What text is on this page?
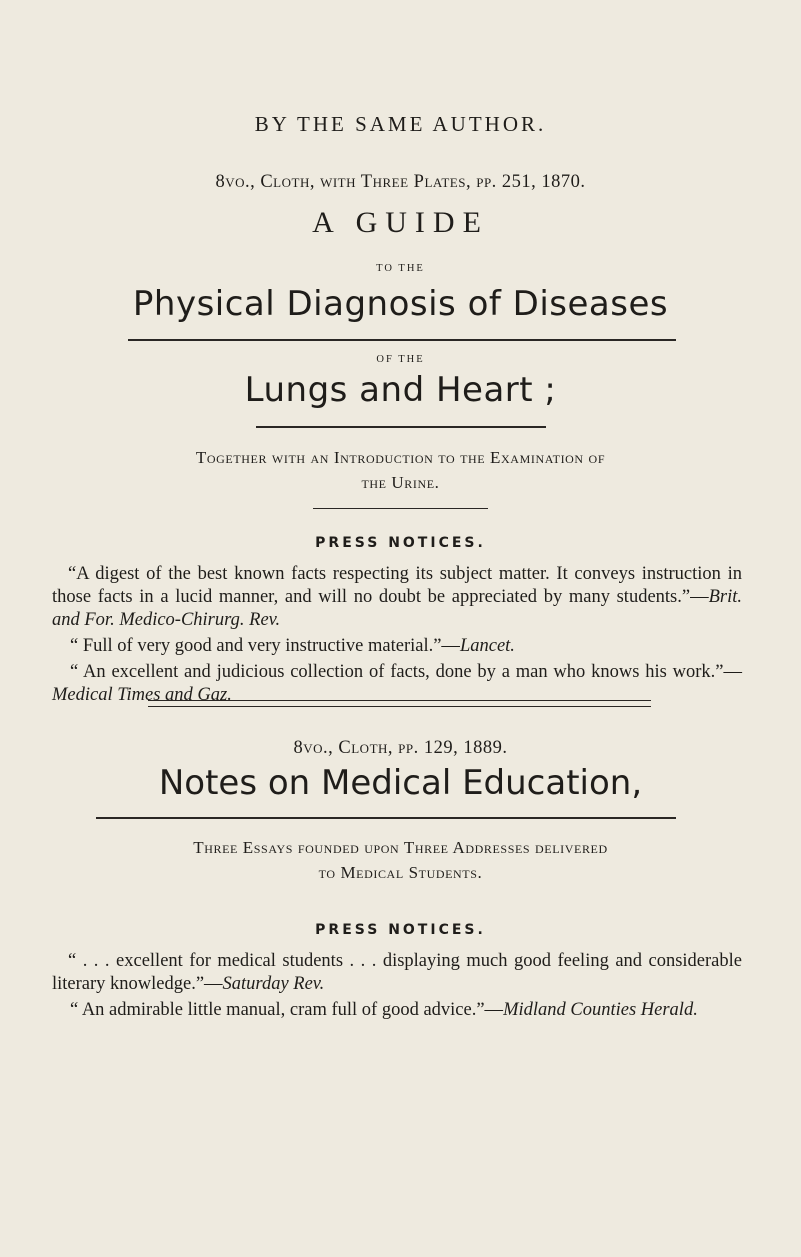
BY THE SAME AUTHOR.
8vo., Cloth, with Three Plates, pp. 251, 1870.
A GUIDE
TO THE
Physical Diagnosis of Diseases
OF THE
Lungs and Heart ;
Together with an Introduction to the Examination of
the Urine.
PRESS NOTICES.

“A digest of the best known facts respecting its subject matter. It conveys instruction in those facts in a lucid manner, and will no doubt be appreciated by many students.”—Brit. and For. Medico-Chirurg. Rev.

“ Full of very good and very instructive material.”—Lancet.

“ An excellent and judicious collection of facts, done by a man who knows his work.”—Medical Times and Gaz.

8vo., Cloth, pp. 129, 1889.
Notes on Medical Education,
Three Essays founded upon Three Addresses delivered
to Medical Students.
PRESS NOTICES.

“ . . . excellent for medical students . . . displaying much good feeling and considerable literary knowledge.”—Saturday Rev.

“ An admirable little manual, cram full of good advice.”—Midland Counties Herald.
